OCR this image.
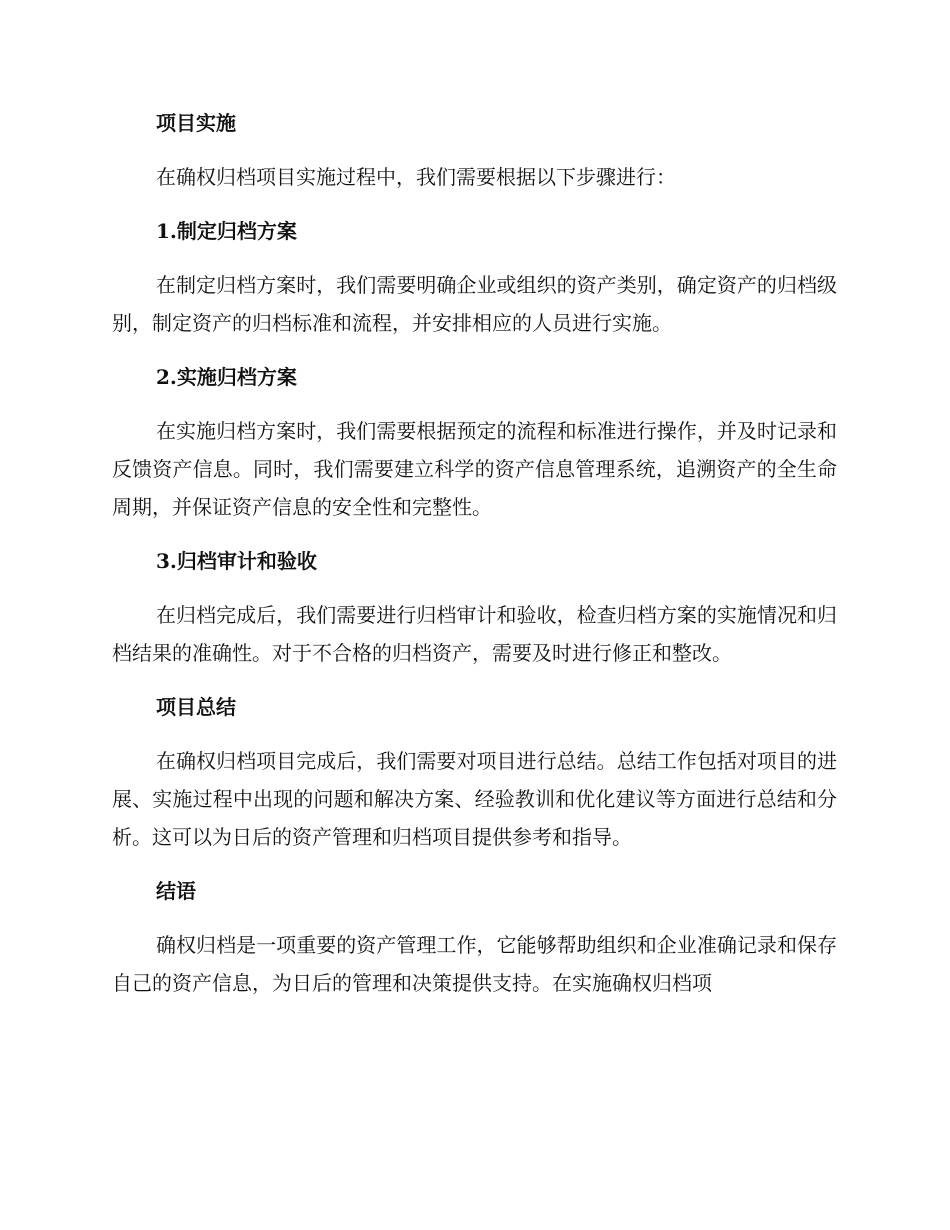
项目实施

在确权归档项目实施过程中，我们需要根据以下步骤进行：

1.制定归档方案

在制定归档方案时，我们需要明确企业或组织的资产类别，确定资产的归档级别，制定资产的归档标准和流程，并安排相应的人员进行实施。

2.实施归档方案

在实施归档方案时，我们需要根据预定的流程和标准进行操作，并及时记录和反馈资产信息。同时，我们需要建立科学的资产信息管理系统，追溯资产的全生命周期，并保证资产信息的安全性和完整性。

3.归档审计和验收

在归档完成后，我们需要进行归档审计和验收，检查归档方案的实施情况和归档结果的准确性。对于不合格的归档资产，需要及时进行修正和整改。

项目总结

在确权归档项目完成后，我们需要对项目进行总结。总结工作包括对项目的进展、实施过程中出现的问题和解决方案、经验教训和优化建议等方面进行总结和分析。这可以为日后的资产管理和归档项目提供参考和指导。

结语

确权归档是一项重要的资产管理工作，它能够帮助组织和企业准确记录和保存自己的资产信息，为日后的管理和决策提供支持。在实施确权归档项
